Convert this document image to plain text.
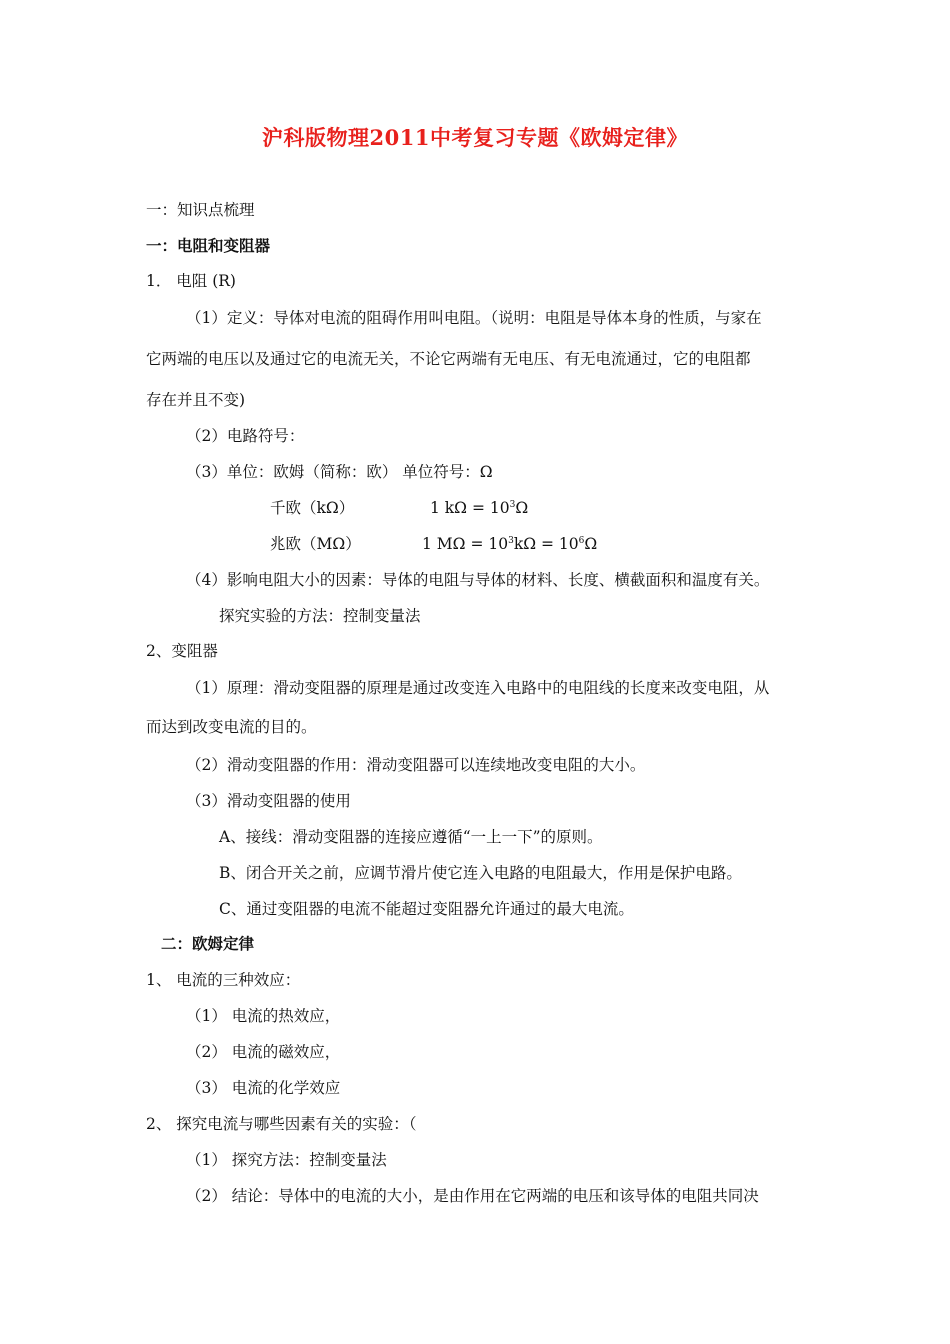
沪科版物理2011中考复习专题《欧姆定律》
一：知识点梳理
一：电阻和变阻器
1． 电阻 (R)
（1）定义：导体对电流的阻碍作用叫电阻。（说明：电阻是导体本身的性质，与家在
它两端的电压以及通过它的电流无关，不论它两端有无电压、有无电流通过，它的电阻都
存在并且不变)
（2）电路符号：
（3）单位：欧姆（简称：欧） 单位符号：Ω
千欧（kΩ）	1 $k\Omega = 10^3\Omega$
兆欧（MΩ）	1 $M\Omega = 10^3k\Omega = 10^6\Omega$
（4）影响电阻大小的因素：导体的电阻与导体的材料、长度、横截面积和温度有关。
探究实验的方法：控制变量法
2、变阻器
（1）原理：滑动变阻器的原理是通过改变连入电路中的电阻线的长度来改变电阻，从
而达到改变电流的目的。
（2）滑动变阻器的作用：滑动变阻器可以连续地改变电阻的大小。
（3）滑动变阻器的使用
A、接线：滑动变阻器的连接应遵循“一上一下”的原则。
B、闭合开关之前，应调节滑片使它连入电路的电阻最大，作用是保护电路。
C、通过变阻器的电流不能超过变阻器允许通过的最大电流。
二：欧姆定律
1、 电流的三种效应：
（1） 电流的热效应，
（2） 电流的磁效应，
（3） 电流的化学效应
2、 探究电流与哪些因素有关的实验：（
（1） 探究方法：控制变量法
（2） 结论：导体中的电流的大小，是由作用在它两端的电压和该导体的电阻共同决
